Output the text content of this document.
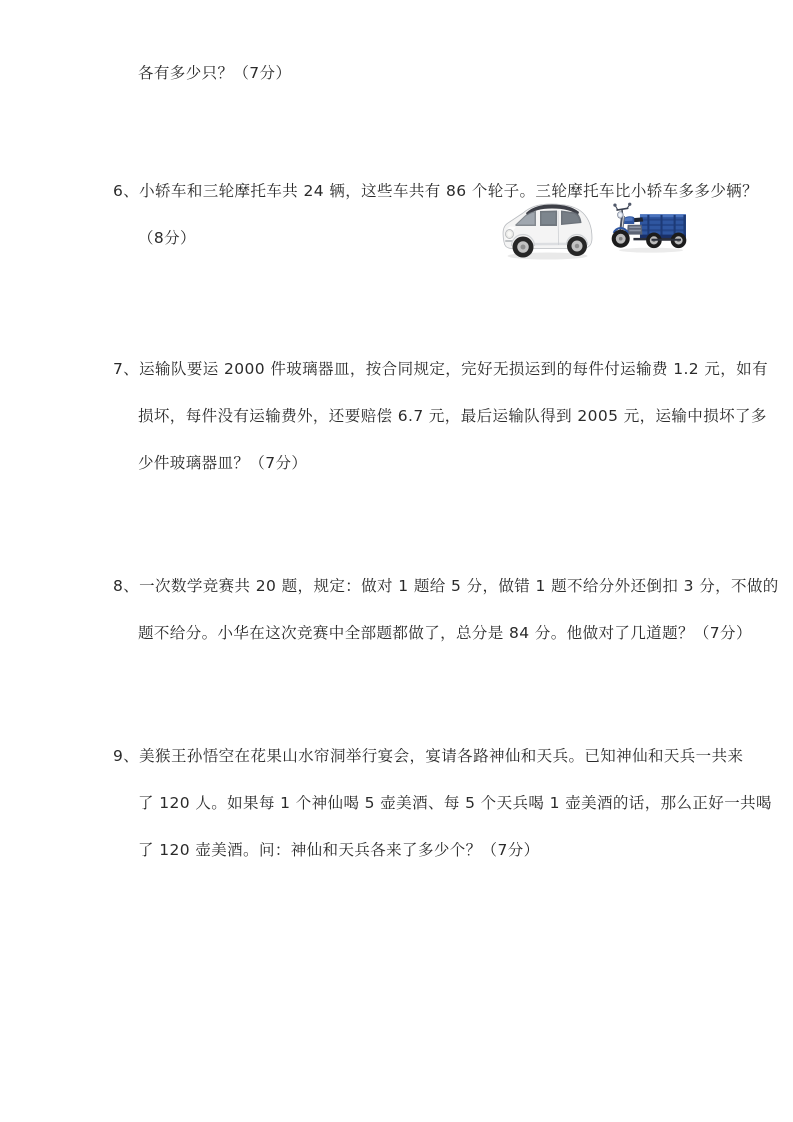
各有多少只？（7分）
6、小轿车和三轮摩托车共 24 辆，这些车共有 86 个轮子。三轮摩托车比小轿车多多少辆？
（8分）
7、运输队要运 2000 件玻璃器皿，按合同规定，完好无损运到的每件付运输费 1.2 元，如有
损坏，每件没有运输费外，还要赔偿 6.7 元，最后运输队得到 2005 元，运输中损坏了多
少件玻璃器皿？（7分）
8、一次数学竞赛共 20 题，规定：做对 1 题给 5 分，做错 1 题不给分外还倒扣 3 分，不做的
题不给分。小华在这次竞赛中全部题都做了，总分是 84 分。他做对了几道题？（7分）
9、美猴王孙悟空在花果山水帘洞举行宴会，宴请各路神仙和天兵。已知神仙和天兵一共来
了 120 人。如果每 1 个神仙喝 5 壶美酒、每 5 个天兵喝 1 壶美酒的话，那么正好一共喝
了 120 壶美酒。问：神仙和天兵各来了多少个？（7分）
